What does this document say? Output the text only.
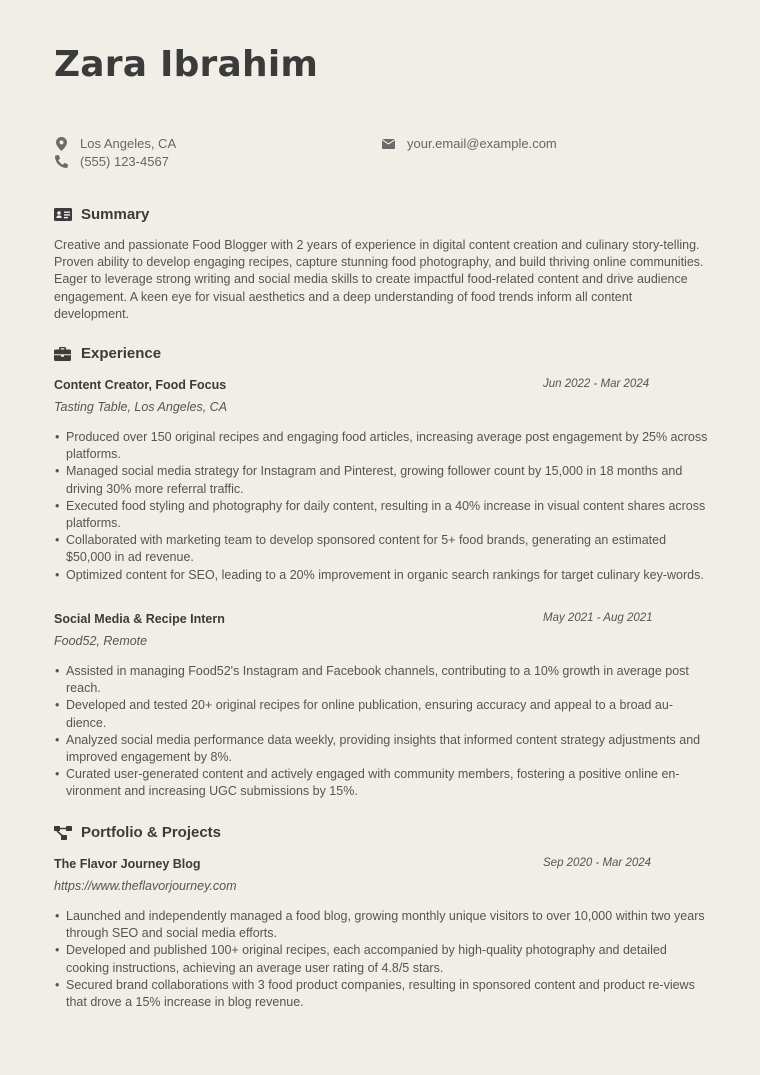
Zara Ibrahim
Los Angeles, CA
(555) 123-4567
your.email@example.com
Summary

Creative and passionate Food Blogger with 2 years of experience in digital content creation and culinary story-telling. Proven ability to develop engaging recipes, capture stunning food photography, and build thriving online communities. Eager to leverage strong writing and social media skills to create impactful food-related content and drive audience engagement. A keen eye for visual aesthetics and a deep understanding of food trends inform all content development.

Experience
Content Creator, Food Focus	Jun 2022 - Mar 2024
Tasting Table, Los Angeles, CA
• Produced over 150 original recipes and engaging food articles, increasing average post engagement by 25% across platforms.
• Managed social media strategy for Instagram and Pinterest, growing follower count by 15,000 in 18 months and driving 30% more referral traffic.
• Executed food styling and photography for daily content, resulting in a 40% increase in visual content shares across platforms.
• Collaborated with marketing team to develop sponsored content for 5+ food brands, generating an estimated $50,000 in ad revenue.
• Optimized content for SEO, leading to a 20% improvement in organic search rankings for target culinary key-words.
Social Media & Recipe Intern	May 2021 - Aug 2021
Food52, Remote
• Assisted in managing Food52's Instagram and Facebook channels, contributing to a 10% growth in average post reach.
• Developed and tested 20+ original recipes for online publication, ensuring accuracy and appeal to a broad au-dience.
• Analyzed social media performance data weekly, providing insights that informed content strategy adjustments and improved engagement by 8%.
• Curated user-generated content and actively engaged with community members, fostering a positive online en-vironment and increasing UGC submissions by 15%.
Portfolio & Projects
The Flavor Journey Blog	Sep 2020 - Mar 2024
https://www.theflavorjourney.com
• Launched and independently managed a food blog, growing monthly unique visitors to over 10,000 within two years through SEO and social media efforts.
• Developed and published 100+ original recipes, each accompanied by high-quality photography and detailed cooking instructions, achieving an average user rating of 4.8/5 stars.
• Secured brand collaborations with 3 food product companies, resulting in sponsored content and product re-views that drove a 15% increase in blog revenue.
